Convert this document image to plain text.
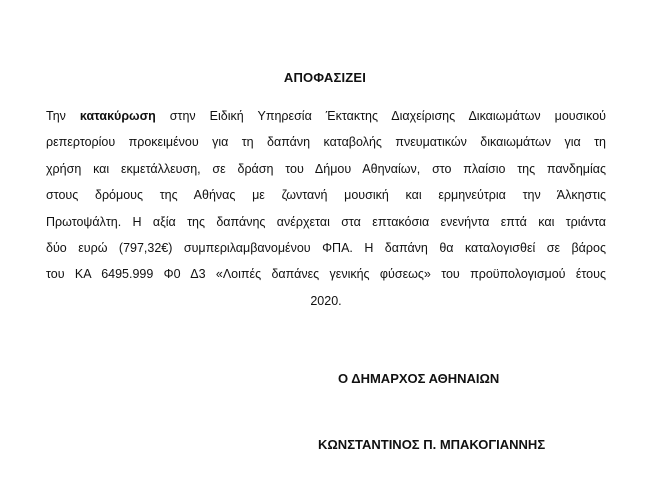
ΑΠΟΦΑΣΙΖΕΙ
Την κατακύρωση στην Ειδική Υπηρεσία Έκτακτης Διαχείρισης Δικαιωμάτων μουσικού
ρεπερτορίου προκειμένου για τη δαπάνη καταβολής πνευματικών δικαιωμάτων για τη
χρήση και εκμετάλλευση, σε δράση του Δήμου Αθηναίων, στο πλαίσιο της πανδημίας
στους δρόμους της Αθήνας με ζωντανή μουσική και ερμηνεύτρια την Άλκηστις
Πρωτοψάλτη. Η αξία της δαπάνης ανέρχεται στα επτακόσια ενενήντα επτά και τριάντα
δύο ευρώ (797,32€) συμπεριλαμβανομένου ΦΠΑ. Η δαπάνη θα καταλογισθεί σε βάρος
του ΚΑ 6495.999 Φ0 Δ3 «Λοιπές δαπάνες γενικής φύσεως» του προϋπολογισμού έτους
2020.
Ο ΔΗΜΑΡΧΟΣ ΑΘΗΝΑΙΩΝ
ΚΩΝΣΤΑΝΤΙΝΟΣ Π. ΜΠΑΚΟΓΙΑΝΝΗΣ
